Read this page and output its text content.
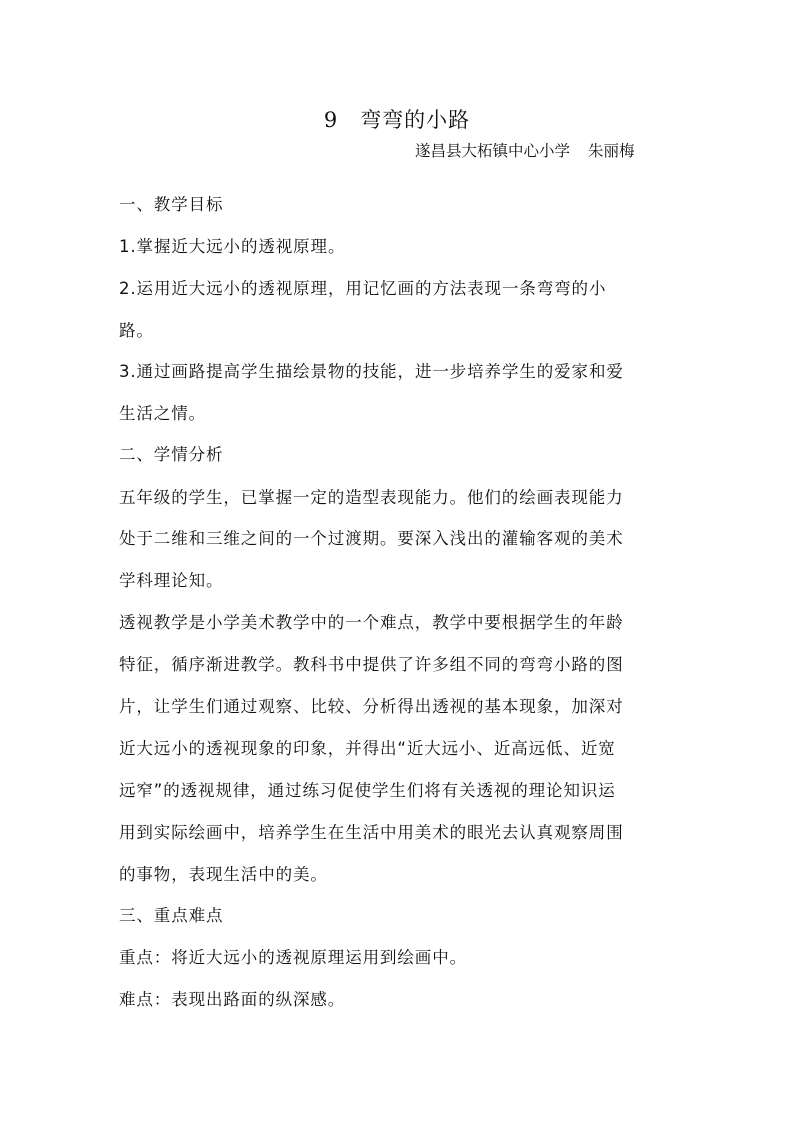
9 弯弯的小路
遂昌县大柘镇中心小学 朱丽梅
一、教学目标
1.掌握近大远小的透视原理。
2.运用近大远小的透视原理，用记忆画的方法表现一条弯弯的小
路。
3.通过画路提高学生描绘景物的技能，进一步培养学生的爱家和爱
生活之情。
二、学情分析
五年级的学生，已掌握一定的造型表现能力。他们的绘画表现能力
处于二维和三维之间的一个过渡期。要深入浅出的灌输客观的美术
学科理论知。
透视教学是小学美术教学中的一个难点，教学中要根据学生的年龄
特征，循序渐进教学。教科书中提供了许多组不同的弯弯小路的图
片，让学生们通过观察、比较、分析得出透视的基本现象，加深对
近大远小的透视现象的印象，并得出“近大远小、近高远低、近宽
远窄”的透视规律，通过练习促使学生们将有关透视的理论知识运
用到实际绘画中，培养学生在生活中用美术的眼光去认真观察周围
的事物，表现生活中的美。
三、重点难点
重点：将近大远小的透视原理运用到绘画中。
难点：表现出路面的纵深感。
